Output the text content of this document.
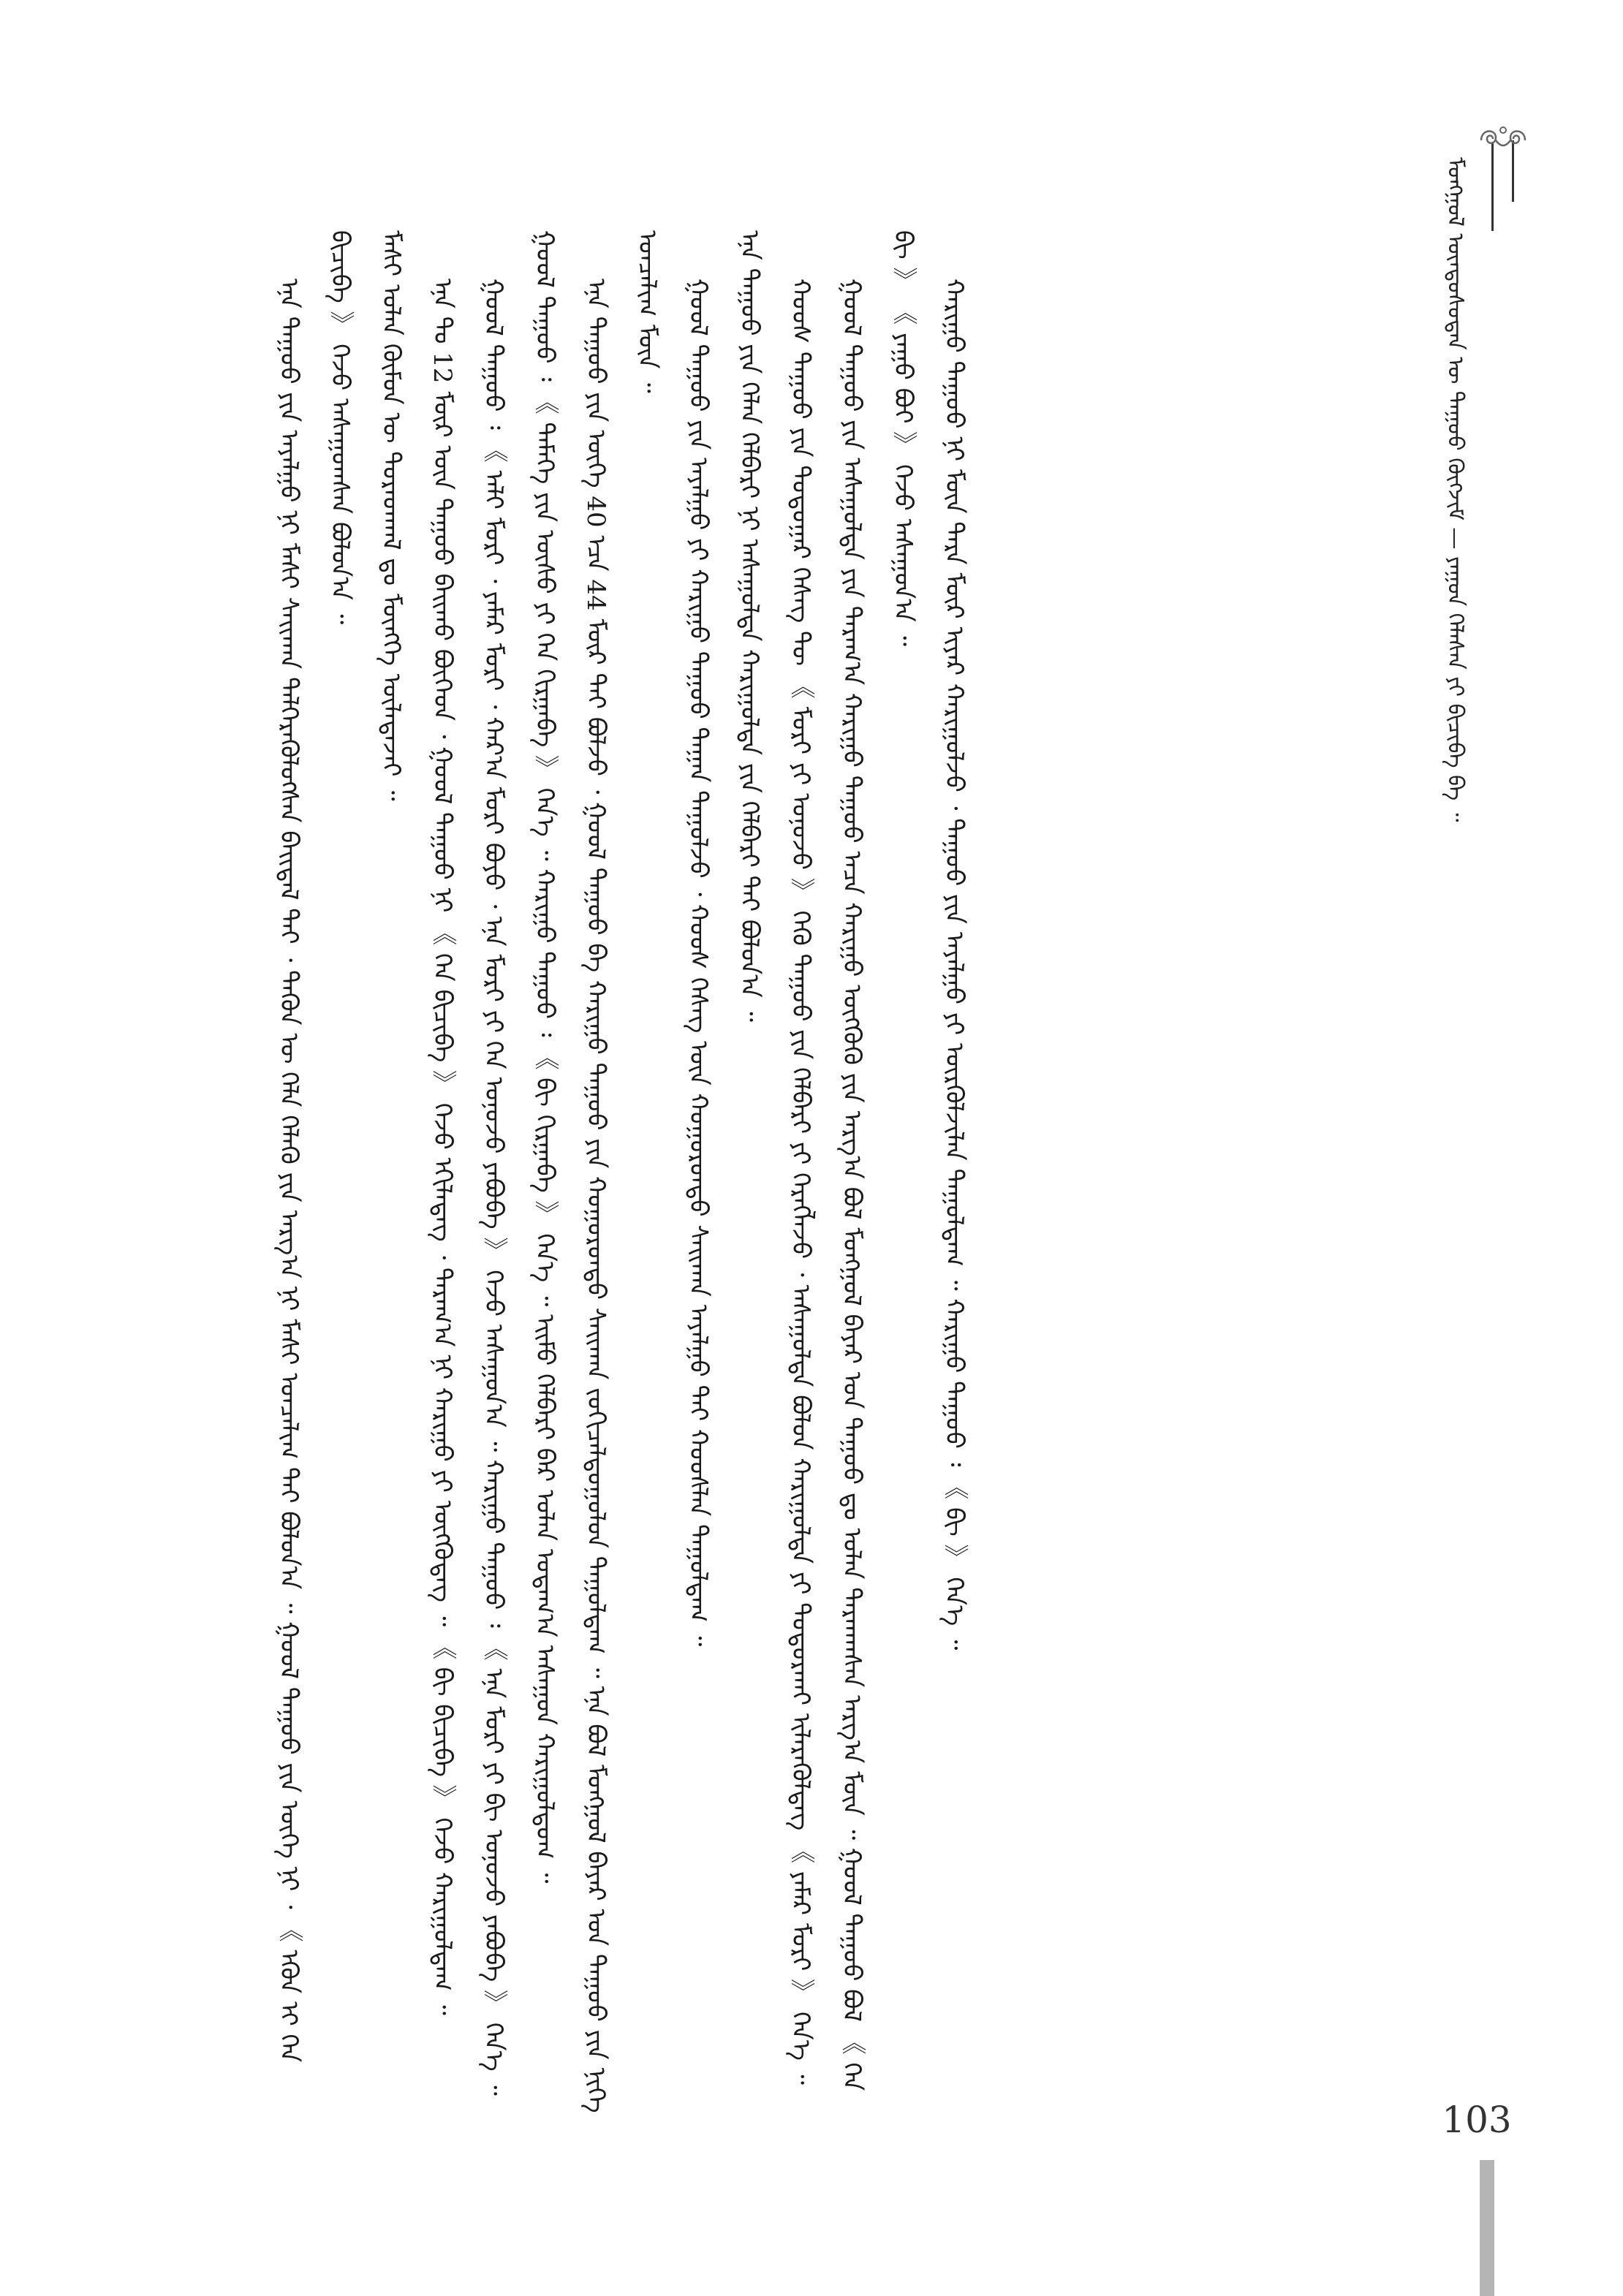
ᠮᠣᠩᠭᠣᠯ ᠦᠨᠳᠦᠰᠦᠲᠡᠨ ᠦ ᠳᠠᠭᠤᠤ ᠬᠥᠭᠵᠢᠮ — ᠶᠠᠭᠤᠨ ᠬᠡᠯᠡᠰᠡᠨ ᠶᠢ ᠪᠢᠴᠢᠪᠡ ᠪᠡ ᠃

ᠡᠨᠡ ᠳᠠᠭᠤᠤ ᠶᠢᠨ ᠠᠶᠠᠯᠭᠤ ᠨᠢ ᠮᠠᠰᠢ ᠰᠠᠢᠬᠠᠨ ᠳᠡᠯᠭᠡᠷᠡᠭᠦᠯᠦᠭᠰᠡᠨ ᠪᠠᠢᠳᠠᠯ ᠲᠠᠢ ᠂ ᠲᠡᠭᠦᠨ ᠦ ᠬᠡᠯᠡ ᠬᠡᠯᠡᠬᠦ ᠶᠢᠨ ᠠᠷᠭ᠎ᠠ ᠨᠢ ᠮᠠᠰᠢ ᠣᠨᠴᠠᠯᠢᠭ ᠲᠠᠢ ᠪᠣᠯᠤᠨ᠎ᠠ ᠃ ᠭᠣᠣᠯ ᠳᠠᠭᠤᠤ ᠶᠢᠨ ᠦᠭᠡ ᠨᠢ ᠂ 《 ᠡᠭᠦᠨ ᠢ ᠬᠡᠨ ᠪᠢᠴᠢᠪᠡ 》 ᠭᠡᠵᠦ ᠠᠰᠠᠭᠤᠭᠰᠠᠨ ᠪᠣᠯᠤᠨ᠎ᠠ ᠃ ᠮᠠᠰᠢ ᠣᠯᠠᠨ ᠬᠦᠮᠦᠨ ᠦ ᠳᠤᠷᠠᠳᠬᠠᠯ ᠳᠤ ᠮᠥᠩᠬᠡ ᠦᠯᠡᠳᠡᠵᠡᠢ ᠃ ᠡᠨᠡ ᠲᠤ 12 ᠮᠥᠷ ᠦᠨ ᠳᠠᠭᠤᠤ ᠪᠠᠢᠬᠤ ᠪᠥᠭᠡᠳ ᠂ ᠭᠣᠣᠯ ᠳᠠᠭᠤᠤ ᠨᠢ 《 ᠬᠡᠨ ᠪᠢᠴᠢᠪᠡ 》 ᠭᠡᠵᠦ ᠡᠬᠢᠯᠡᠳᠡᠭ ᠂ ᠳᠠᠷᠠᠭ᠎ᠠ ᠨᠢ ᠬᠠᠷᠢᠭᠤ ᠶᠢ ᠥᠭᠭᠦᠳᠡᠭ ᠃ 《 ᠪᠢ ᠪᠢᠴᠢᠪᠡ 》 ᠭᠡᠵᠦ ᠬᠠᠷᠢᠭᠤᠯᠳᠠᠭ ᠃ ᠭᠣᠣᠯ ᠳᠠᠭᠤᠤ ᠄ 《 ᠠᠯᠢ ᠮᠣᠷᠢ ᠂ ᠶᠠᠮᠠᠷ ᠮᠣᠷᠢ ᠂ ᠬᠠᠷ᠎ᠠ ᠮᠣᠷᠢ ᠪᠤᠶᠤ ᠂ ᠡᠨᠡ ᠮᠣᠷᠢ ᠶᠢ ᠬᠡᠨ ᠤᠨᠤᠵᠤ ᠶᠠᠪᠤᠪᠠ 》 ᠭᠡᠵᠦ ᠠᠰᠠᠭᠤᠨ᠎ᠠ ᠃ ᠬᠠᠷᠢᠭᠤ ᠳᠠᠭᠤᠤ ᠄ 《 ᠡᠨᠡ ᠮᠣᠷᠢ ᠶᠢ ᠪᠢ ᠤᠨᠤᠵᠤ ᠶᠠᠪᠤᠪᠠ 》 ᠭᠡᠨ᠎ᠡ ᠃ ᠭᠣᠣᠯ ᠳᠠᠭᠤᠤ ᠄ 《 ᠲᠡᠮᠡᠭᠡ ᠶᠢᠨ ᠦᠰᠦ ᠶᠢ ᠬᠡᠨ ᠬᠢᠷᠭᠠᠪᠠ 》 ᠭᠡᠨ᠎ᠡ ᠃ ᠬᠠᠷᠢᠭᠤ ᠳᠠᠭᠤᠤ ᠄ 《 ᠪᠢ ᠬᠢᠷᠭᠠᠪᠠ 》 ᠭᠡᠨ᠎ᠡ ᠃ ᠡᠢᠮᠦ ᠬᠡᠯᠪᠡᠷᠢ ᠪᠡᠷ ᠣᠯᠠᠨ ᠤᠳᠠᠭ᠎ᠠ ᠠᠰᠠᠭᠤᠨ ᠬᠠᠷᠢᠭᠤᠯᠳᠤᠭ ᠃ ᠡᠨᠡ ᠳᠠᠭᠤᠤ ᠶᠢᠨ ᠦᠭᠡ 40 ᠡᠴᠡ 44 ᠮᠥᠷ ᠲᠡᠢ ᠪᠣᠯᠵᠤ ᠂ ᠭᠣᠣᠯ ᠳᠠᠭᠤᠤ ᠪᠠ ᠬᠠᠷᠢᠭᠤ ᠳᠠᠭᠤᠤ ᠶᠢᠨ ᠬᠣᠭᠣᠷᠤᠨᠳᠤ ᠰᠠᠢᠬᠠᠨ ᠵᠣᠬᠢᠴᠠᠯᠳᠤᠭᠤᠯᠤᠨ ᠳᠠᠭᠤᠯᠳᠠᠭ ᠃ ᠡᠨᠡ ᠪᠣᠯ ᠮᠣᠩᠭᠣᠯ ᠪᠠᠶᠠᠷ ᠤᠨ ᠳᠠᠭᠤᠤ ᠶᠢᠨ ᠨᠢᠭᠡ ᠣᠨᠴᠠᠯᠢᠭ ᠮᠥᠨ ᠃ ᠭᠣᠣᠯ ᠳᠠᠭᠤᠤ ᠶᠢᠨ ᠠᠶᠠᠯᠭᠤ ᠶᠢ ᠬᠠᠷᠢᠭᠤ ᠳᠠᠭᠤᠤ ᠳᠠᠭᠠᠨ ᠳᠠᠭᠤᠯᠵᠤ ᠂ ᠬᠣᠣᠰ ᠬᠡᠰᠡᠭ ᠦᠨ ᠬᠣᠭᠣᠷᠤᠨᠳᠤ ᠰᠠᠢᠬᠠᠨ ᠠᠶᠠᠯᠭᠤ ᠲᠠᠢ ᠬᠣᠣᠰᠯᠠᠨ ᠳᠠᠭᠤᠯᠳᠠᠭ ᠃ ᠡᠨᠡ ᠳᠠᠭᠤᠤ ᠶᠢᠨ ᠬᠡᠯᠡᠨ ᠬᠡᠯᠪᠡᠷᠢ ᠨᠢ ᠠᠰᠠᠭᠤᠯᠲᠠ ᠬᠠᠷᠢᠭᠤᠯᠲᠠ ᠶᠢᠨ ᠬᠡᠯᠪᠡᠷᠢ ᠲᠡᠢ ᠪᠣᠯᠤᠨ᠎ᠠ ᠃ ᠬᠣᠣᠰ ᠳᠠᠭᠤᠤ ᠶᠢᠨ ᠳᠤᠳᠤᠭᠠᠷ ᠬᠡᠰᠡᠭ ᠲᠦ 《 ᠮᠣᠷᠢ ᠶᠢ ᠤᠨᠤᠵᠤ 》 ᠭᠡᠬᠦ ᠳᠠᠭᠤᠤ ᠶᠢᠨ ᠬᠡᠯᠪᠡᠷᠢ ᠶᠢ ᠬᠡᠷᠡᠭᠯᠡᠵᠦ ᠂ ᠠᠰᠠᠭᠤᠯᠲᠠ ᠪᠣᠯᠤᠨ ᠬᠠᠷᠢᠭᠤᠯᠲᠠ ᠶᠢ ᠲᠣᠳᠣᠷᠬᠠᠢ ᠢᠯᠡᠷᠡᠭᠦᠯᠳᠡᠭ 《 ᠶᠠᠮᠠᠷ ᠮᠣᠷᠢ 》 ᠭᠡᠨ᠎ᠡ ᠃ ᠭᠣᠣᠯ ᠳᠠᠭᠤᠤ ᠶᠢᠨ ᠠᠰᠠᠭᠤᠯᠲᠠ ᠶᠢᠨ ᠳᠠᠷᠠᠭ᠎ᠠ ᠬᠠᠷᠢᠭᠤ ᠳᠠᠭᠤᠤ ᠠᠴᠠ ᠬᠠᠷᠢᠭᠤ ᠥᠭᠭᠦᠬᠦ ᠶᠢᠨ ᠠᠷᠭ᠎ᠠ ᠪᠣᠯ ᠮᠣᠩᠭᠣᠯ ᠪᠠᠶᠠᠷ ᠤᠨ ᠳᠠᠭᠤᠤ ᠳᠤ ᠣᠯᠠᠨ ᠲᠠᠷᠬᠠᠭᠰᠠᠨ ᠠᠷᠭ᠎ᠠ ᠮᠥᠨ ᠃ ᠭᠣᠣᠯ ᠳᠠᠭᠤᠤ ᠪᠣᠯ 《 ᠬᠡᠨ ᠪᠢ 》 《 ᠶᠠᠭᠤ ᠪᠣᠢ 》 ᠭᠡᠵᠦ ᠠᠰᠠᠭᠤᠨ᠎ᠠ ᠃ ᠬᠠᠷᠢᠭᠤ ᠳᠠᠭᠤᠤ ᠨᠢ ᠮᠥᠨ ᠲᠡᠷᠡ ᠮᠥᠷ ᠢᠶᠡᠷ ᠬᠠᠷᠢᠭᠤᠯᠵᠤ ᠂ ᠳᠠᠭᠤᠤ ᠶᠢᠨ ᠠᠶᠠᠯᠭᠤ ᠶᠢ ᠦᠷᠭᠦᠯᠵᠢᠯᠡᠨ ᠳᠠᠭᠤᠯᠳᠠᠭ ᠃ ᠬᠠᠷᠢᠭᠤ ᠳᠠᠭᠤᠤ ᠄ 《 ᠪᠢ 》 ᠭᠡᠨ᠎ᠡ ᠃

103
